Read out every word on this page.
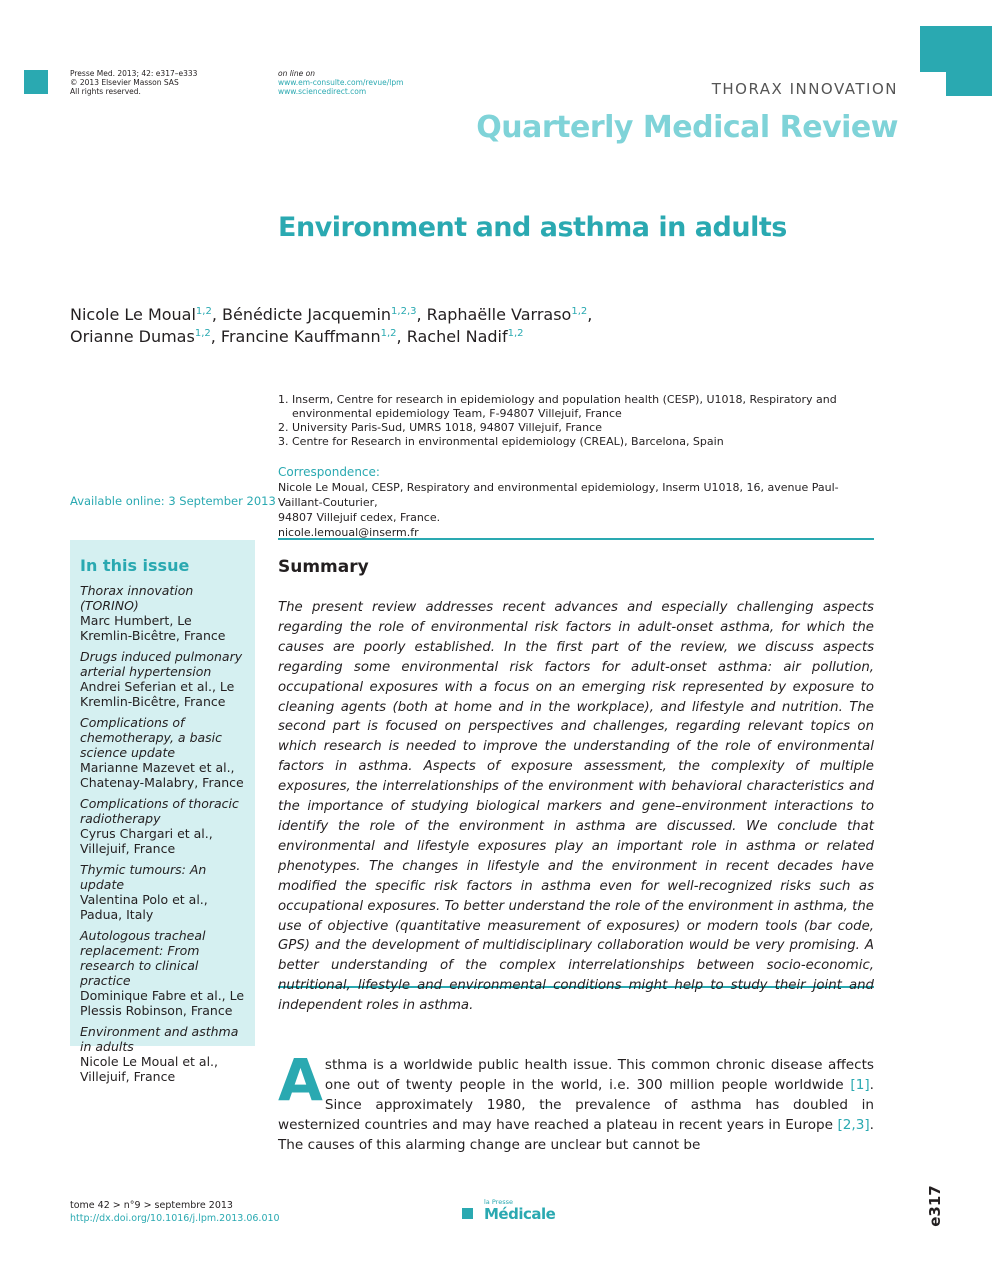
Presse Med. 2013; 42: e317–e333
© 2013 Elsevier Masson SAS
All rights reserved.
on line on
www.em-consulte.com/revue/lpm
www.sciencedirect.com	THORAX INNOVATION
Quarterly Medical Review
Environment and asthma in adults
Nicole Le Moual$^{1,2}$, Bénédicte Jacquemin$^{1,2,3}$, Raphaëlle Varraso$^{1,2}$,
Orianne Dumas$^{1,2}$, Francine Kauffmann$^{1,2}$, Rachel Nadif$^{1,2}$
1. Inserm, Centre for research in epidemiology and population health (CESP), U1018, Respiratory and environmental epidemiology Team, F-94807 Villejuif, France
2. University Paris-Sud, UMRS 1018, 94807 Villejuif, France
3. Centre for Research in environmental epidemiology (CREAL), Barcelona, Spain
Correspondence:
Nicole Le Moual, CESP, Respiratory and environmental epidemiology, Inserm U1018, 16, avenue Paul-Vaillant-Couturier,
94807 Villejuif cedex, France.
nicole.lemoual@inserm.fr
Available online: 3 September 2013
In this issue
Thorax innovation (TORINO)
Marc Humbert, Le Kremlin-Bicêtre, France
Drugs induced pulmonary arterial hypertension
Andrei Seferian et al., Le Kremlin-Bicêtre, France
Complications of chemotherapy, a basic science update
Marianne Mazevet et al., Chatenay-Malabry, France
Complications of thoracic radiotherapy
Cyrus Chargari et al., Villejuif, France
Thymic tumours: An update
Valentina Polo et al., Padua, Italy
Autologous tracheal replacement: From research to clinical practice
Dominique Fabre et al., Le Plessis Robinson, France
Environment and asthma in adults
Nicole Le Moual et al., Villejuif, France
Summary
The present review addresses recent advances and especially challenging aspects regarding the role of environmental risk factors in adult-onset asthma, for which the causes are poorly established. In the first part of the review, we discuss aspects regarding some environmental risk factors for adult-onset asthma: air pollution, occupational exposures with a focus on an emerging risk represented by exposure to cleaning agents (both at home and in the workplace), and lifestyle and nutrition. The second part is focused on perspectives and challenges, regarding relevant topics on which research is needed to improve the understanding of the role of environmental factors in asthma. Aspects of exposure assessment, the complexity of multiple exposures, the interrelationships of the environment with behavioral characteristics and the importance of studying biological markers and gene–environment interactions to identify the role of the environment in asthma are discussed. We conclude that environmental and lifestyle exposures play an important role in asthma or related phenotypes. The changes in lifestyle and the environment in recent decades have modified the specific risk factors in asthma even for well-recognized risks such as occupational exposures. To better understand the role of the environment in asthma, the use of objective (quantitative measurement of exposures) or modern tools (bar code, GPS) and the development of multidisciplinary collaboration would be very promising. A better understanding of the complex interrelationships between socio-economic, nutritional, lifestyle and environmental conditions might help to study their joint and independent roles in asthma.
Asthma is a worldwide public health issue. This common chronic disease affects one out of twenty people in the world, i.e. 300 million people worldwide [1]. Since approximately 1980, the prevalence of asthma has doubled in westernized countries and may have reached a plateau in recent years in Europe [2,3]. The causes of this alarming change are unclear but cannot be
tome 42 > n°9 > septembre 2013
http://dx.doi.org/10.1016/j.lpm.2013.06.010
la Presse
Médicale	e317
